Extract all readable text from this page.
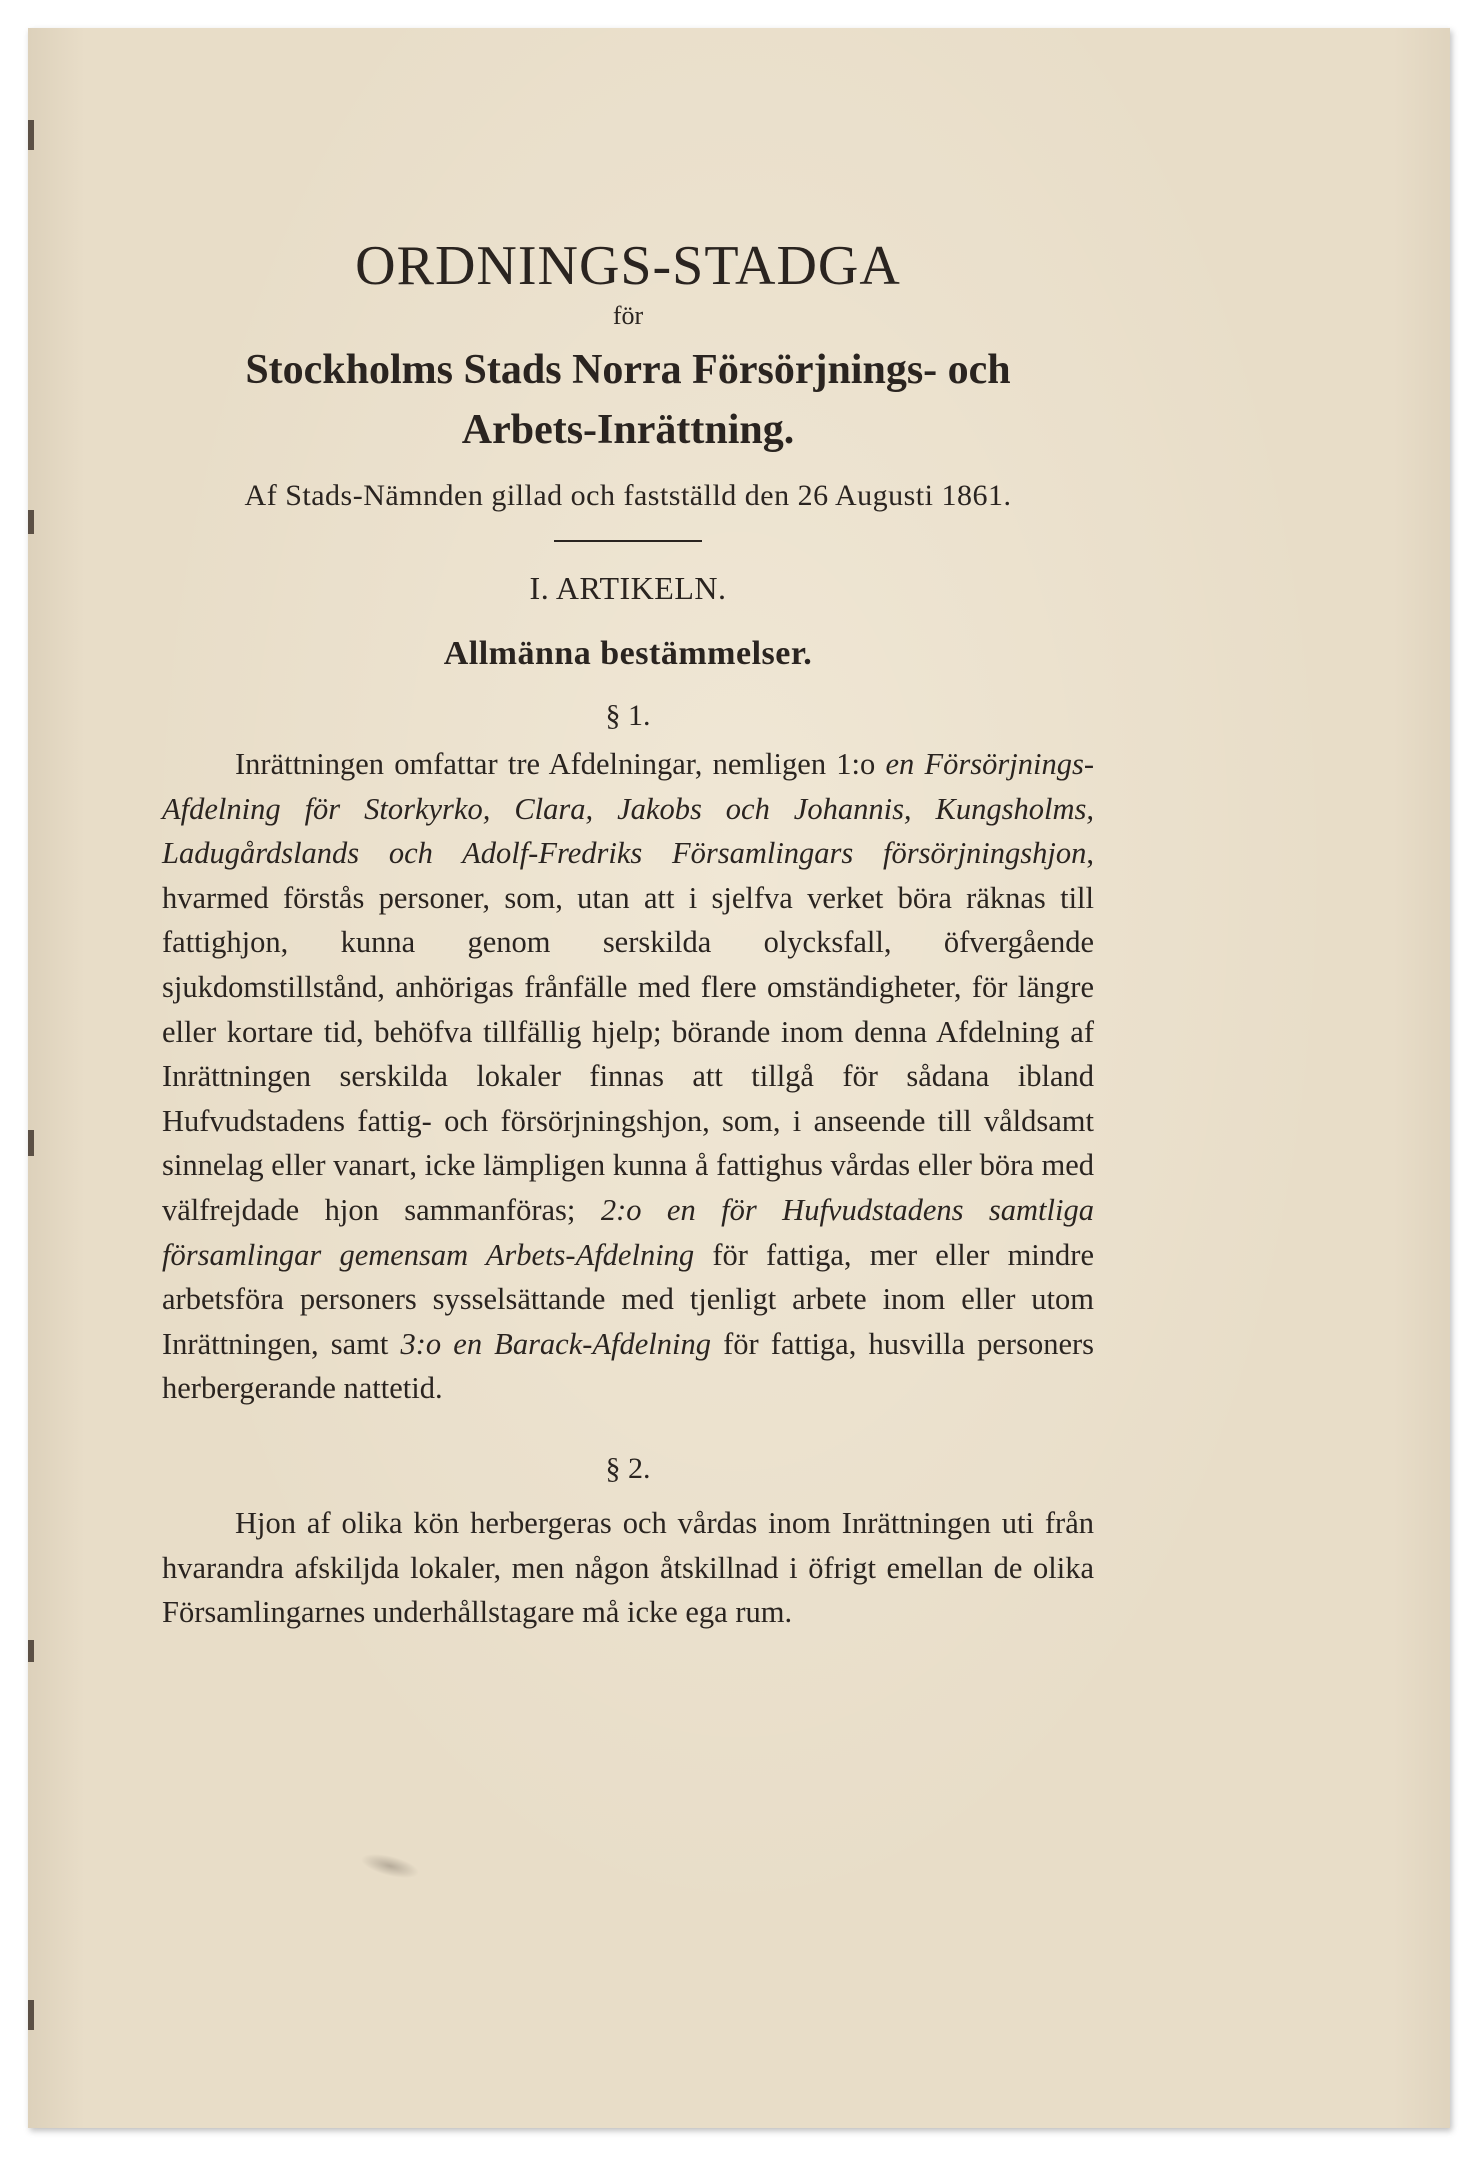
ORDNINGS-STADGA
för
Stockholms Stads Norra Försörjnings- och
Arbets-Inrättning.
Af Stads-Nämnden gillad och fastställd den 26 Augusti 1861.
I. ARTIKELN.
Allmänna bestämmelser.
§ 1.

Inrättningen omfattar tre Afdelningar, nemligen 1:o en Försörjnings-Afdelning för Storkyrko, Clara, Jakobs och Johannis, Kungsholms, Ladugårdslands och Adolf-Fredriks Församlingars försörjningshjon, hvarmed förstås personer, som, utan att i sjelfva verket böra räknas till fattighjon, kunna genom serskilda olycksfall, öfvergående sjukdomstillstånd, anhörigas frånfälle med flere omständigheter, för längre eller kortare tid, behöfva tillfällig hjelp; börande inom denna Afdelning af Inrättningen serskilda lokaler finnas att tillgå för sådana ibland Hufvudstadens fattig- och försörjningshjon, som, i anseende till våldsamt sinnelag eller vanart, icke lämpligen kunna å fattighus vårdas eller böra med välfrejdade hjon sammanföras; 2:o en för Hufvudstadens samtliga församlingar gemensam Arbets-Afdelning för fattiga, mer eller mindre arbetsföra personers sysselsättande med tjenligt arbete inom eller utom Inrättningen, samt 3:o en Barack-Afdelning för fattiga, husvilla personers herbergerande nattetid.

§ 2.

Hjon af olika kön herbergeras och vårdas inom Inrättningen uti från hvarandra afskiljda lokaler, men någon åtskillnad i öfrigt emellan de olika Församlingarnes underhållstagare må icke ega rum.
